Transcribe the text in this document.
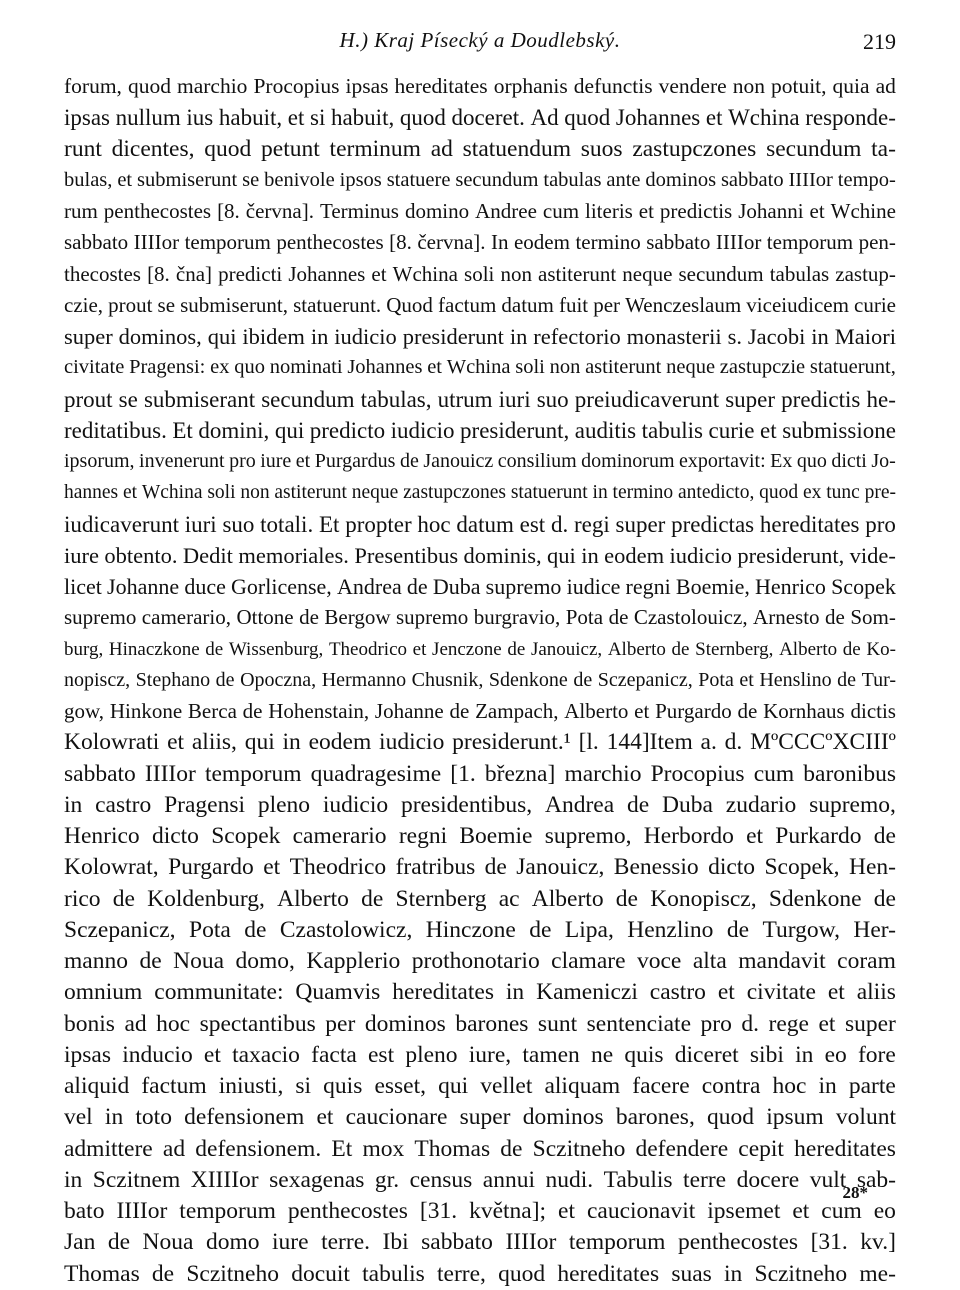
H.) Kraj Písecký a Doudlebský.	219
forum, quod marchio Procopius ipsas hereditates orphanis defunctis vendere non potuit, quia ad
ipsas nullum ius habuit, et si habuit, quod doceret. Ad quod Johannes et Wchina responde-
runt dicentes, quod petunt terminum ad statuendum suos zastupczones secundum ta-
bulas, et submiserunt se benivole ipsos statuere secundum tabulas ante dominos sabbato IIIIor tempo-
rum penthecostes [8. června]. Terminus domino Andree cum literis et predictis Johanni et Wchine
sabbato IIIIor temporum penthecostes [8. června]. In eodem termino sabbato IIIIor temporum pen-
thecostes [8. čna] predicti Johannes et Wchina soli non astiterunt neque secundum tabulas zastup-
czie, prout se submiserunt, statuerunt. Quod factum datum fuit per Wenczeslaum viceiudicem curie
super dominos, qui ibidem in iudicio presiderunt in refectorio monasterii s. Jacobi in Maiori
civitate Pragensi: ex quo nominati Johannes et Wchina soli non astiterunt neque zastupczie statuerunt,
prout se submiserant secundum tabulas, utrum iuri suo preiudicaverunt super predictis he-
reditatibus. Et domini, qui predicto iudicio presiderunt, auditis tabulis curie et submissione
ipsorum, invenerunt pro iure et Purgardus de Janouicz consilium dominorum exportavit: Ex quo dicti Jo-
hannes et Wchina soli non astiterunt neque zastupczones statuerunt in termino antedicto, quod ex tunc pre-
iudicaverunt iuri suo totali. Et propter hoc datum est d. regi super predictas hereditates pro
iure obtento. Dedit memoriales. Presentibus dominis, qui in eodem iudicio presiderunt, vide-
licet Johanne duce Gorlicense, Andrea de Duba supremo iudice regni Boemie, Henrico Scopek
supremo camerario, Ottone de Bergow supremo burgravio, Pota de Czastolouicz, Arnesto de Som-
burg, Hinaczkone de Wissenburg, Theodrico et Jenczone de Janouicz, Alberto de Sternberg, Alberto de Ko-
nopiscz, Stephano de Opoczna, Hermanno Chusnik, Sdenkone de Sczepanicz, Pota et Henslino de Tur-
gow, Hinkone Berca de Hohenstain, Johanne de Zampach, Alberto et Purgardo de Kornhaus dictis
Kolowrati et aliis, qui in eodem iudicio presiderunt.¹ [l. 144]Item a. d. MºCCCºXCIIIº
sabbato IIIIor temporum quadragesime [1. března] marchio Procopius cum baronibus
in castro Pragensi pleno iudicio presidentibus, Andrea de Duba zudario supremo,
Henrico dicto Scopek camerario regni Boemie supremo, Herbordo et Purkardo de
Kolowrat, Purgardo et Theodrico fratribus de Janouicz, Benessio dicto Scopek, Hen-
rico de Koldenburg, Alberto de Sternberg ac Alberto de Konopiscz, Sdenkone de
Sczepanicz, Pota de Czastolowicz, Hinczone de Lipa, Henzlino de Turgow, Her-
manno de Noua domo, Kapplerio prothonotario clamare voce alta mandavit coram
omnium communitate: Quamvis hereditates in Kameniczi castro et civitate et aliis
bonis ad hoc spectantibus per dominos barones sunt sentenciate pro d. rege et super
ipsas inducio et taxacio facta est pleno iure, tamen ne quis diceret sibi in eo fore
aliquid factum iniusti, si quis esset, qui vellet aliquam facere contra hoc in parte
vel in toto defensionem et caucionare super dominos barones, quod ipsum volunt
admittere ad defensionem. Et mox Thomas de Sczitneho defendere cepit hereditates
in Sczitnem XIIIIor sexagenas gr. census annui nudi. Tabulis terre docere vult sab-
bato IIIIor temporum penthecostes [31. května]; et caucionavit ipsemet et cum eo
Jan de Noua domo iure terre. Ibi sabbato IIIIor temporum penthecostes [31. kv.]
Thomas de Sczitneho docuit tabulis terre, quod hereditates suas in Sczitneho me-
28*
